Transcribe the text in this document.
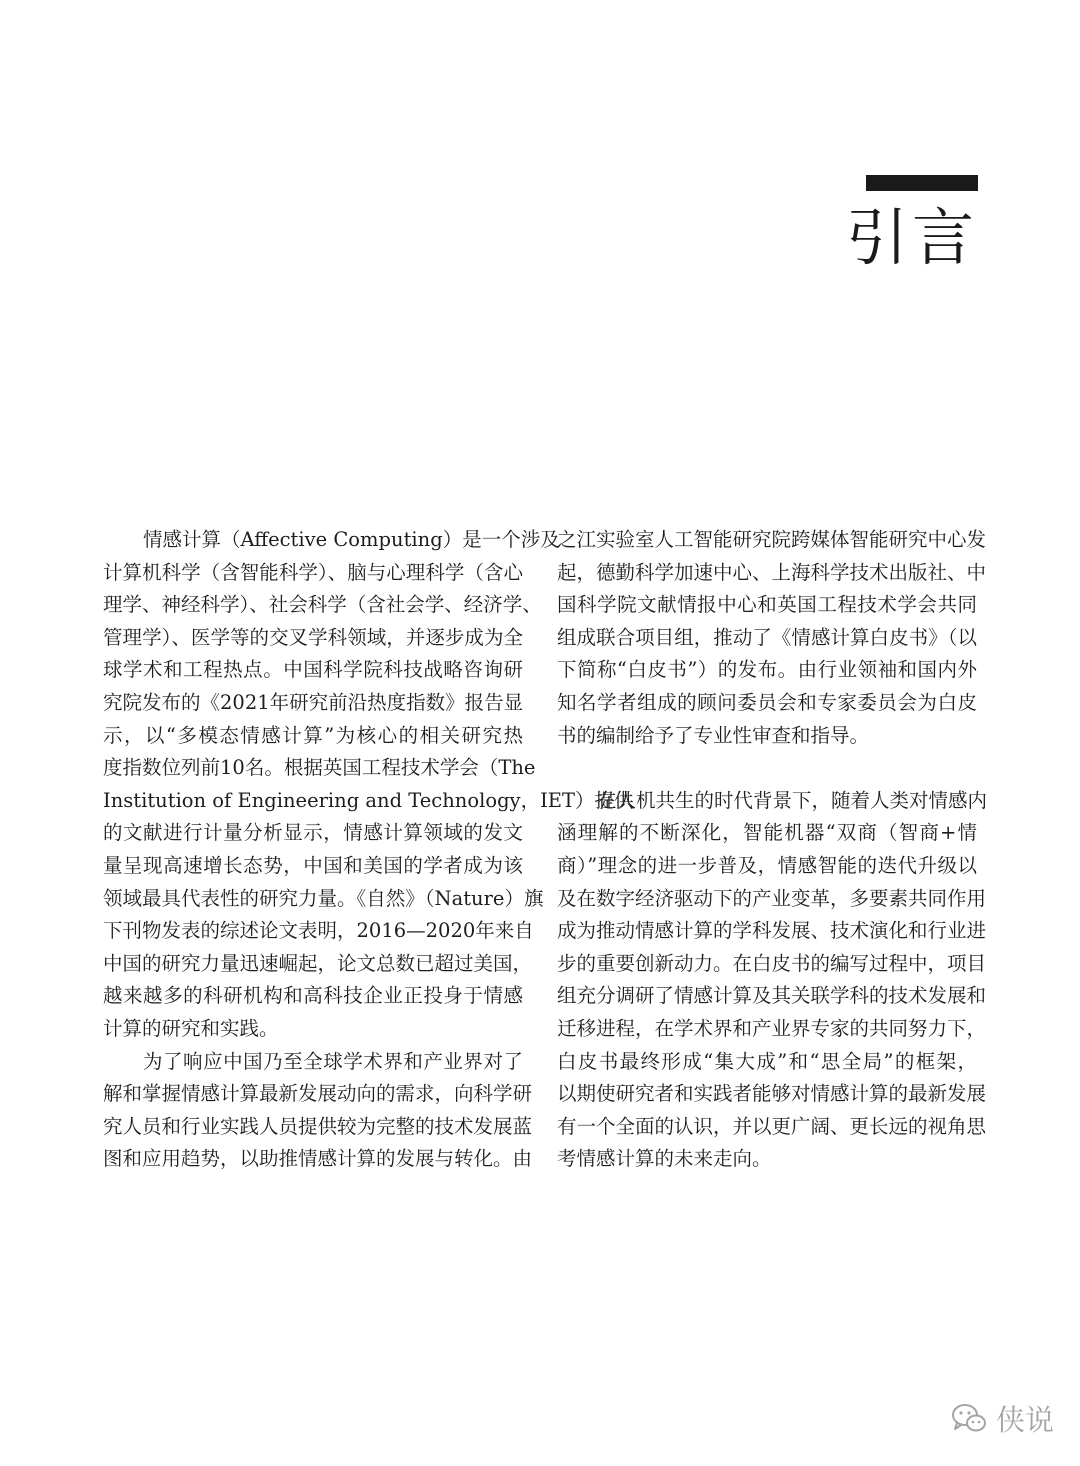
引言
情感计算（Affective Computing）是一个涉及
计算机科学（含智能科学）、脑与心理科学（含心
理学、神经科学）、社会科学（含社会学、经济学、
管理学）、医学等的交叉学科领域，并逐步成为全
球学术和工程热点。中国科学院科技战略咨询研
究院发布的《2021年研究前沿热度指数》报告显
示，以“多模态情感计算”为核心的相关研究热
度指数位列前10名。根据英国工程技术学会（The
Institution of Engineering and Technology，IET）提供
的文献进行计量分析显示，情感计算领域的发文
量呈现高速增长态势，中国和美国的学者成为该
领域最具代表性的研究力量。《自然》（Nature）旗
下刊物发表的综述论文表明，2016—2020年来自
中国的研究力量迅速崛起，论文总数已超过美国，
越来越多的科研机构和高科技企业正投身于情感
计算的研究和实践。
为了响应中国乃至全球学术界和产业界对了
解和掌握情感计算最新发展动向的需求，向科学研
究人员和行业实践人员提供较为完整的技术发展蓝
图和应用趋势，以助推情感计算的发展与转化。由
之江实验室人工智能研究院跨媒体智能研究中心发
起，德勤科学加速中心、上海科学技术出版社、中
国科学院文献情报中心和英国工程技术学会共同
组成联合项目组，推动了《情感计算白皮书》（以
下简称“白皮书”）的发布。由行业领袖和国内外
知名学者组成的顾问委员会和专家委员会为白皮
书的编制给予了专业性审查和指导。
在人机共生的时代背景下，随着人类对情感内
涵理解的不断深化，智能机器“双商（智商+情
商）”理念的进一步普及，情感智能的迭代升级以
及在数字经济驱动下的产业变革，多要素共同作用
成为推动情感计算的学科发展、技术演化和行业进
步的重要创新动力。在白皮书的编写过程中，项目
组充分调研了情感计算及其关联学科的技术发展和
迁移进程，在学术界和产业界专家的共同努力下，
白皮书最终形成“集大成”和“思全局”的框架，
以期使研究者和实践者能够对情感计算的最新发展
有一个全面的认识，并以更广阔、更长远的视角思
考情感计算的未来走向。
侠说
